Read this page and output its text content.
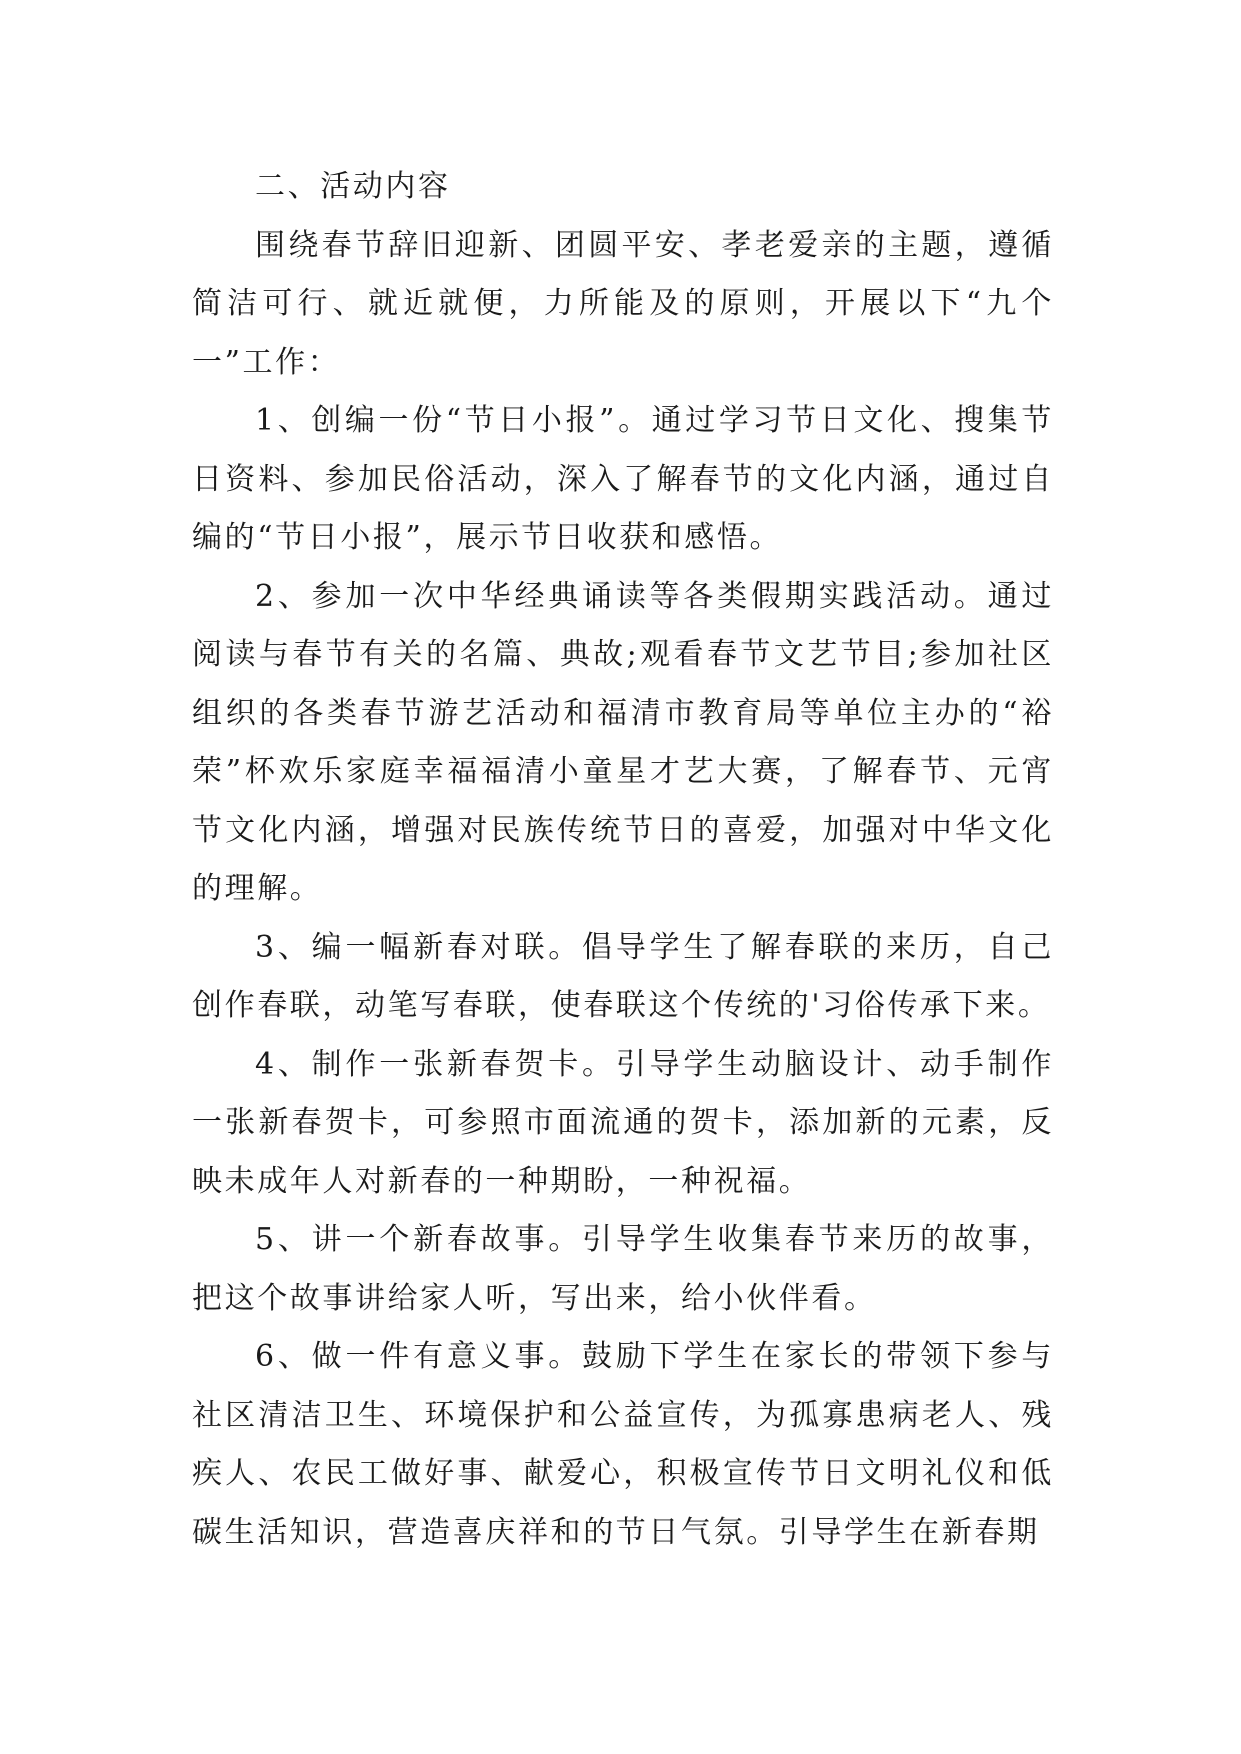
二、活动内容

围绕春节辞旧迎新、团圆平安、孝老爱亲的主题，遵循简洁可行、就近就便，力所能及的原则，开展以下“九个一”工作：

1、创编一份“节日小报”。通过学习节日文化、搜集节日资料、参加民俗活动，深入了解春节的文化内涵，通过自编的“节日小报”，展示节日收获和感悟。

2、参加一次中华经典诵读等各类假期实践活动。通过阅读与春节有关的名篇、典故;观看春节文艺节目;参加社区组织的各类春节游艺活动和福清市教育局等单位主办的“裕荣”杯欢乐家庭幸福福清小童星才艺大赛，了解春节、元宵节文化内涵，增强对民族传统节日的喜爱，加强对中华文化的理解。

3、编一幅新春对联。倡导学生了解春联的来历，自己创作春联，动笔写春联，使春联这个传统的'习俗传承下来。

4、制作一张新春贺卡。引导学生动脑设计、动手制作一张新春贺卡，可参照市面流通的贺卡，添加新的元素，反映未成年人对新春的一种期盼，一种祝福。

5、讲一个新春故事。引导学生收集春节来历的故事，把这个故事讲给家人听，写出来，给小伙伴看。

6、做一件有意义事。鼓励下学生在家长的带领下参与社区清洁卫生、环境保护和公益宣传，为孤寡患病老人、残疾人、农民工做好事、献爱心，积极宣传节日文明礼仪和低碳生活知识，营造喜庆祥和的节日气氛。引导学生在新春期
